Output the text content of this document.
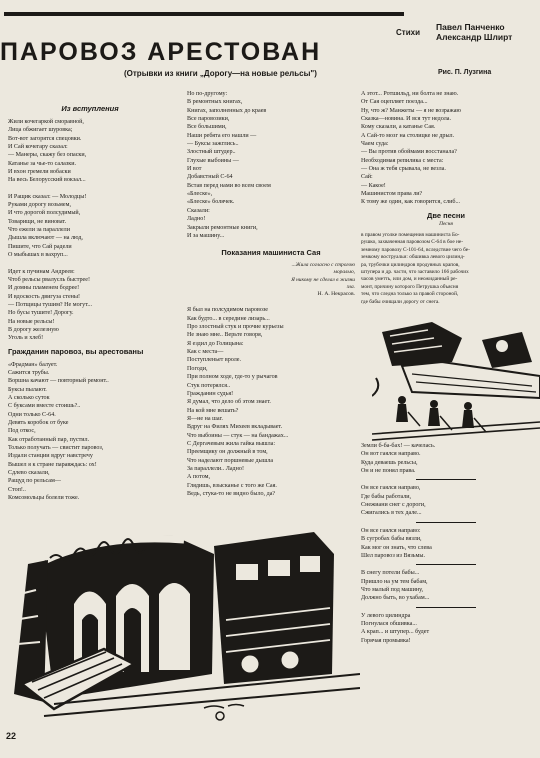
Стихи
Павел Панченко
Александр Шлирт
ПАРОВОЗ АРЕСТОВАН
(Отрывки из книги „Дорогу—на новые рельсы")	Рис. П. Лузгина
Из вступления
Жили кочегаркой сморавной,
Лица обжигает шуровка;
Вот-вот загорятся спецовки.
И Сай кочегару сказал:
— Манеры, скажу без опаски,
Катанье за чье-то салазки.
И вхон гремели вобаски
На весь Белорусский вокзал...
И Ращик сказал: — Молодцы!
Руками дорогу возьмем,
И что дорогой полсудимый,
Товарищи, не виноват.
Что ежели за параллели
Дышла включают — на люд,
Пишите, что Сай радели
О мыбышах в вахруп...
Идет к пучинам Андреев:
Чтоб рельсы рвалусль быстрее!
И домны пламенем бодрее!
И вдоскость двигуза стены!
— Потщицы тушим? Не могут...
Но бусы тушите! Дорогу.
На новые рельсы!
В дорогу железную
Уголь и хлеб!
Гражданин паровоз, вы арестованы
«Фрадман» балует.
Сажится трубы.
Воршна качают — повторный ремонт..
Буксы пылают.
А сколько суток
С буксами вместе стоишь?..
Одни только С-64.
Девять коробок от буке
Под откос,
Как отработанный пар, пустил.
Только получать — свистит паровоз,
Издали станции вдруг навстречу
Вышел я к стране паравждась: ох!
Сдлево сказали,
Ращуд по рельсам—
Стоп!..
Комсомольцы болели тоже.
Но по-другому:
В ремонтных книгах,
Книгах, заполненных до краев
Все паровозики,
Все большими,
Наши ребята его нашли —
— Буксы зажглись..
Злостный штудер..
Глухые выбоины —
И вот
Добавстный С-64
Встав перед нами во всем своем
«Блеске»,
«Блеске» болячек.
Сказали:
Ладно!
Закрыли ремонтные книги,
И за машину...
Показания машиниста Сая
...Жила согласно с строгою
моралью,
Я никому не сделал в жизни
зла.
Н. А. Некрасов.
Я был на полсудимом паровозе
Как будто... в середине лизарь...
Про злостный стук и прочие курьезы
Не знаю мне.. Верьте говоря,
Я ездил до Голицына:
Как с места—
Поступленьет вроле.
Погоди,
При полном ходе, где-то у рычагов
Стук потерялся..
Гражданин судья!
Я думал, что дело об этом знает.
На кой мне вешать?
Я—не на шаг.
Вдруг на Филях Михеев вкладывает.
Что выбоины — стук — на бандажах...
С Дергачевым жила гайка вышла:
Преемщику он должный в том,
Что наделают поршневые дышла
За параллели.. Ладно!
А потом,
Глядишь, взысканье с того же Сая.
Ведь, стука-то не видно было, да?
А этот... Ротшильд, ни болта не знаю.
От Сая оцепляет поезда...
Ну, что ж? Манжеты — я не возражаю
Сказка—новина. И вся тут недола.
Кому сказали, а катанье Сая.
А Сай-то мозг на столицке не дрыл.
Чаем суда:
— Вы против обоймами восстанала?
Необходимая репилика с места:
— Она ж тебя срывала, не везла.
Сай:
— Какое!
Машинистом права ли?
К тому же один, как говорится, слиб...
Две песни
Песня
в правом уголке помещения машиниста Бо-
рушко, захваченная паровозом С-64 в бое не-
земному паровозу С-101-64, вследствие чего бе-
земкому воструальи: обшивка левого цилинд-
ра, трубочки цилиндров продувных крапов,
штупера и др. части, что заставило 166 рабочих
часов уметть, или дом, и неожиданный ре-
монт, причину которого Петрушка объясня
тем, что следна только за правой стороной,
где бабы очищали дорогу от снега.
Земли б-ба-бах! — качелась.
Он вот гаялся направо.
Куда деваешь рельсы,
Он и не понял права.
Он все гаялся направо,
Где бабы работали,
Снежиани снег с дороги,
Сжигались в тех дале...
Он все гаялся направо:
В сугробах бабы вязли,
Как мог он знать, что слева
Шел паровоз из Вязьмы.
В снегу потели бабы...
Пришло на ум тем бабам,
Что малый под машину,
Должно быть, во ухабам...
У левого цилиндра
Погнулася обшивка...
А крап... и штупер... будет
Горячая промывка!
22
